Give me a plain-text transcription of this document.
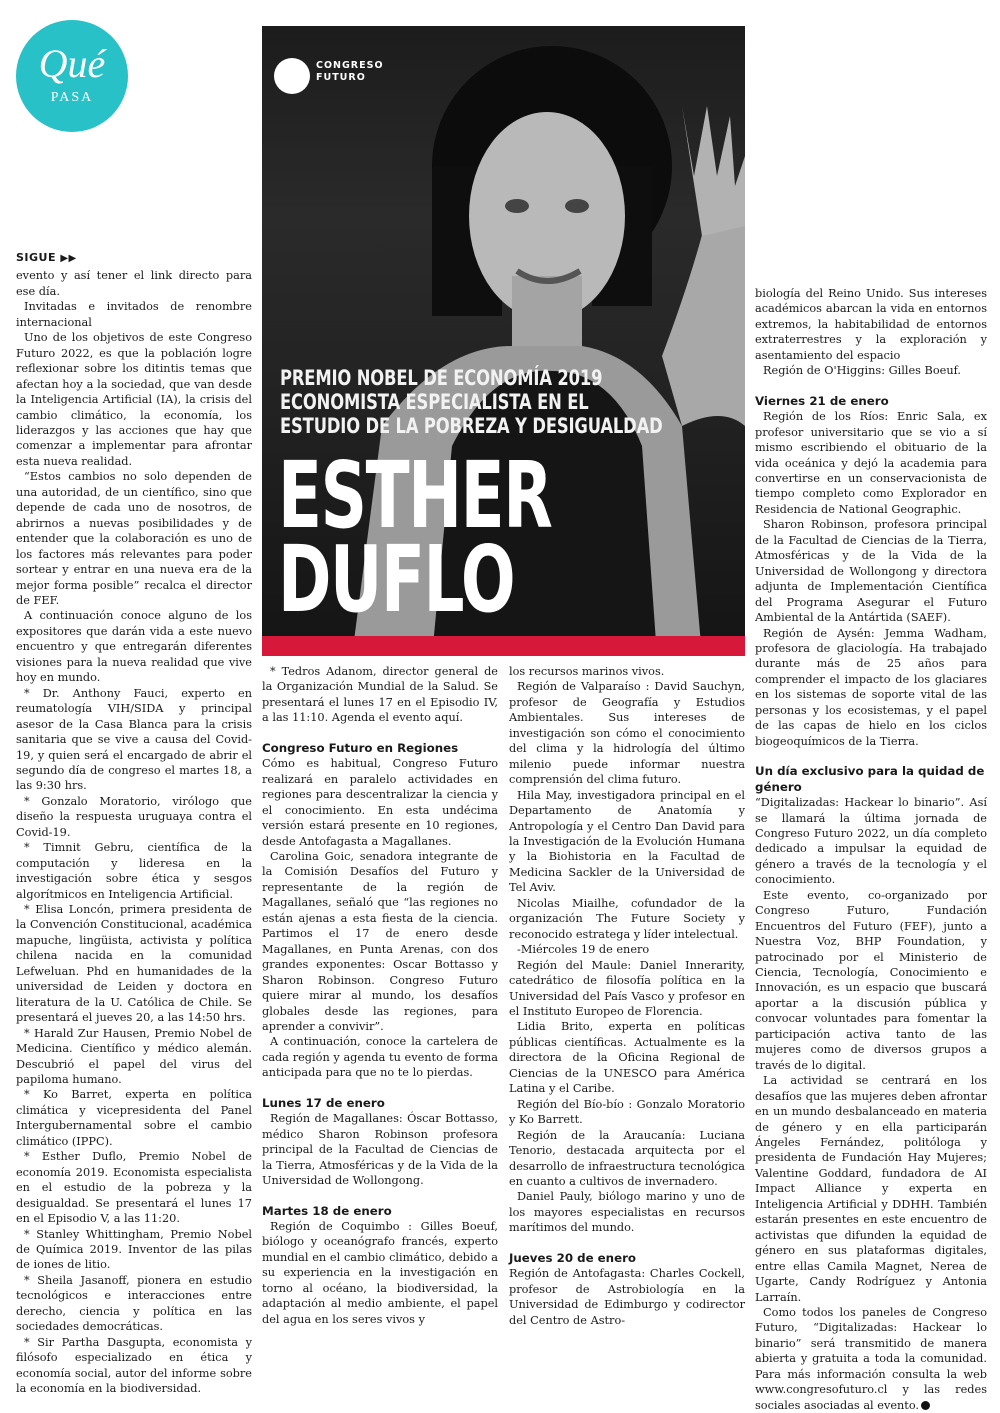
Qué
PASA
CONGRESO
FUTURO
PREMIO NOBEL DE ECONOMÍA 2019
ECONOMISTA ESPECIALISTA EN EL
ESTUDIO DE LA POBREZA Y DESIGUALDAD
ESTHER
DUFLO
SIGUE ▶▶

evento y así tener el link directo para ese día.

Invitadas e invitados de renombre internacional

Uno de los objetivos de este Congreso Futuro 2022, es que la población logre reflexionar sobre los ditintis temas que afectan hoy a la sociedad, que van desde la Inteligencia Artificial (IA), la crisis del cambio climático, la economía, los liderazgos y las acciones que hay que comenzar a implementar para afrontar esta nueva realidad.

“Estos cambios no solo dependen de una autoridad, de un científico, sino que depende de cada uno de nosotros, de abrirnos a nuevas posibilidades y de entender que la colaboración es uno de los factores más relevantes para poder sortear y entrar en una nueva era de la mejor forma posible” recalca el director de FEF.

A continuación conoce alguno de los expositores que darán vida a este nuevo encuentro y que entregarán diferentes visiones para la nueva realidad que vive hoy en mundo.

* Dr. Anthony Fauci, experto en reumatología VIH/SIDA y principal asesor de la Casa Blanca para la crisis sanitaria que se vive a causa del Covid-19, y quien será el encargado de abrir el segundo día de congreso el martes 18, a las 9:30 hrs.

* Gonzalo Moratorio, virólogo que diseño la respuesta uruguaya contra el Covid-19.

* Timnit Gebru, científica de la computación y lideresa en la investigación sobre ética y sesgos algorítmicos en Inteligencia Artificial.

* Elisa Loncón, primera presidenta de la Convención Constitucional, académica mapuche, lingüista, activista y política chilena nacida en la comunidad Lefweluan. Phd en humanidades de la universidad de Leiden y doctora en literatura de la U. Católica de Chile. Se presentará el jueves 20, a las 14:50 hrs.

* Harald Zur Hausen, Premio Nobel de Medicina. Científico y médico alemán. Descubrió el papel del virus del papiloma humano.

* Ko Barret, experta en política climática y vicepresidenta del Panel Intergubernamental sobre el cambio climático (IPPC).

* Esther Duflo, Premio Nobel de economía 2019. Economista especialista en el estudio de la pobreza y la desigualdad. Se presentará el lunes 17 en el Episodio V, a las 11:20.

* Stanley Whittingham, Premio Nobel de Química 2019. Inventor de las pilas de iones de litio.

* Sheila Jasanoff, pionera en estudio tecnológicos e interacciones entre derecho, ciencia y política en las sociedades democráticas.

* Sir Partha Dasgupta, economista y filósofo especializado en ética y economía social, autor del informe sobre la economía en la biodiversidad.

* Tedros Adanom, director general de la Organización Mundial de la Salud. Se presentará el lunes 17 en el Episodio IV, a las 11:10. Agenda el evento aquí.

Congreso Futuro en Regiones

Cómo es habitual, Congreso Futuro realizará en paralelo actividades en regiones para descentralizar la ciencia y el conocimiento. En esta undécima versión estará presente en 10 regiones, desde Antofagasta a Magallanes.

Carolina Goic, senadora integrante de la Comisión Desafíos del Futuro y representante de la región de Magallanes, señaló que “las regiones no están ajenas a esta fiesta de la ciencia. Partimos el 17 de enero desde Magallanes, en Punta Arenas, con dos grandes exponentes: Oscar Bottasso y Sharon Robinson. Congreso Futuro quiere mirar al mundo, los desafíos globales desde las regiones, para aprender a convivir”.

A continuación, conoce la cartelera de cada región y agenda tu evento de forma anticipada para que no te lo pierdas.

Lunes 17 de enero

Región de Magallanes: Óscar Bottasso, médico Sharon Robinson profesora principal de la Facultad de Ciencias de la Tierra, Atmosféricas y de la Vida de la Universidad de Wollongong.

Martes 18 de enero

Región de Coquimbo : Gilles Boeuf, biólogo y oceanógrafo francés, experto mundial en el cambio climático, debido a su experiencia en la investigación en torno al océano, la biodiversidad, la adaptación al medio ambiente, el papel del agua en los seres vivos y

los recursos marinos vivos.

Región de Valparaíso : David Sauchyn, profesor de Geografía y Estudios Ambientales. Sus intereses de investigación son cómo el conocimiento del clima y la hidrología del último milenio puede informar nuestra comprensión del clima futuro.

Hila May, investigadora principal en el Departamento de Anatomía y Antropología y el Centro Dan David para la Investigación de la Evolución Humana y la Biohistoria en la Facultad de Medicina Sackler de la Universidad de Tel Aviv.

Nicolas Miailhe, cofundador de la organización The Future Society y reconocido estratega y líder intelectual.

-Miércoles 19 de enero

Región del Maule: Daniel Innerarity, catedrático de filosofía política en la Universidad del País Vasco y profesor en el Instituto Europeo de Florencia.

Lidia Brito, experta en políticas públicas científicas. Actualmente es la directora de la Oficina Regional de Ciencias de la UNESCO para América Latina y el Caribe.

Región del Bío-bío : Gonzalo Moratorio y Ko Barrett.

Región de la Araucanía: Luciana Tenorio, destacada arquitecta por el desarrollo de infraestructura tecnológica en cuanto a cultivos de invernadero.

Daniel Pauly, biólogo marino y uno de los mayores especialistas en recursos marítimos del mundo.

Jueves 20 de enero

Región de Antofagasta: Charles Cockell, profesor de Astrobiología en la Universidad de Edimburgo y codirector del Centro de Astro-

biología del Reino Unido. Sus intereses académicos abarcan la vida en entornos extremos, la habitabilidad de entornos extraterrestres y la exploración y asentamiento del espacio

Región de O'Higgins: Gilles Boeuf.

Viernes 21 de enero

Región de los Ríos: Enric Sala, ex profesor universitario que se vio a sí mismo escribiendo el obituario de la vida oceánica y dejó la academia para convertirse en un conservacionista de tiempo completo como Explorador en Residencia de National Geographic.

Sharon Robinson, profesora principal de la Facultad de Ciencias de la Tierra, Atmosféricas y de la Vida de la Universidad de Wollongong y directora adjunta de Implementación Científica del Programa Asegurar el Futuro Ambiental de la Antártida (SAEF).

Región de Aysén: Jemma Wadham, profesora de glaciología. Ha trabajado durante más de 25 años para comprender el impacto de los glaciares en los sistemas de soporte vital de las personas y los ecosistemas, y el papel de las capas de hielo en los ciclos biogeoquímicos de la Tierra.

Un día exclusivo para la quidad de género

“Digitalizadas: Hackear lo binario”. Así se llamará la última jornada de Congreso Futuro 2022, un día completo dedicado a impulsar la equidad de género a través de la tecnología y el conocimiento.

Este evento, co-organizado por Congreso Futuro, Fundación Encuentros del Futuro (FEF), junto a Nuestra Voz, BHP Foundation, y patrocinado por el Ministerio de Ciencia, Tecnología, Conocimiento e Innovación, es un espacio que buscará aportar a la discusión pública y convocar voluntades para fomentar la participación activa tanto de las mujeres como de diversos grupos a través de lo digital.

La actividad se centrará en los desafíos que las mujeres deben afrontar en un mundo desbalanceado en materia de género y en ella participarán Ángeles Fernández, politóloga y presidenta de Fundación Hay Mujeres; Valentine Goddard, fundadora de AI Impact Alliance y experta en Inteligencia Artificial y DDHH. También estarán presentes en este encuentro de activistas que difunden la equidad de género en sus plataformas digitales, entre ellas Camila Magnet, Nerea de Ugarte, Candy Rodríguez y Antonia Larraín.

Como todos los paneles de Congreso Futuro, “Digitalizadas: Hackear lo binario” será transmitido de manera abierta y gratuita a toda la comunidad. Para más información consulta la web www.congresofuturo.cl y las redes sociales asociadas al evento.
